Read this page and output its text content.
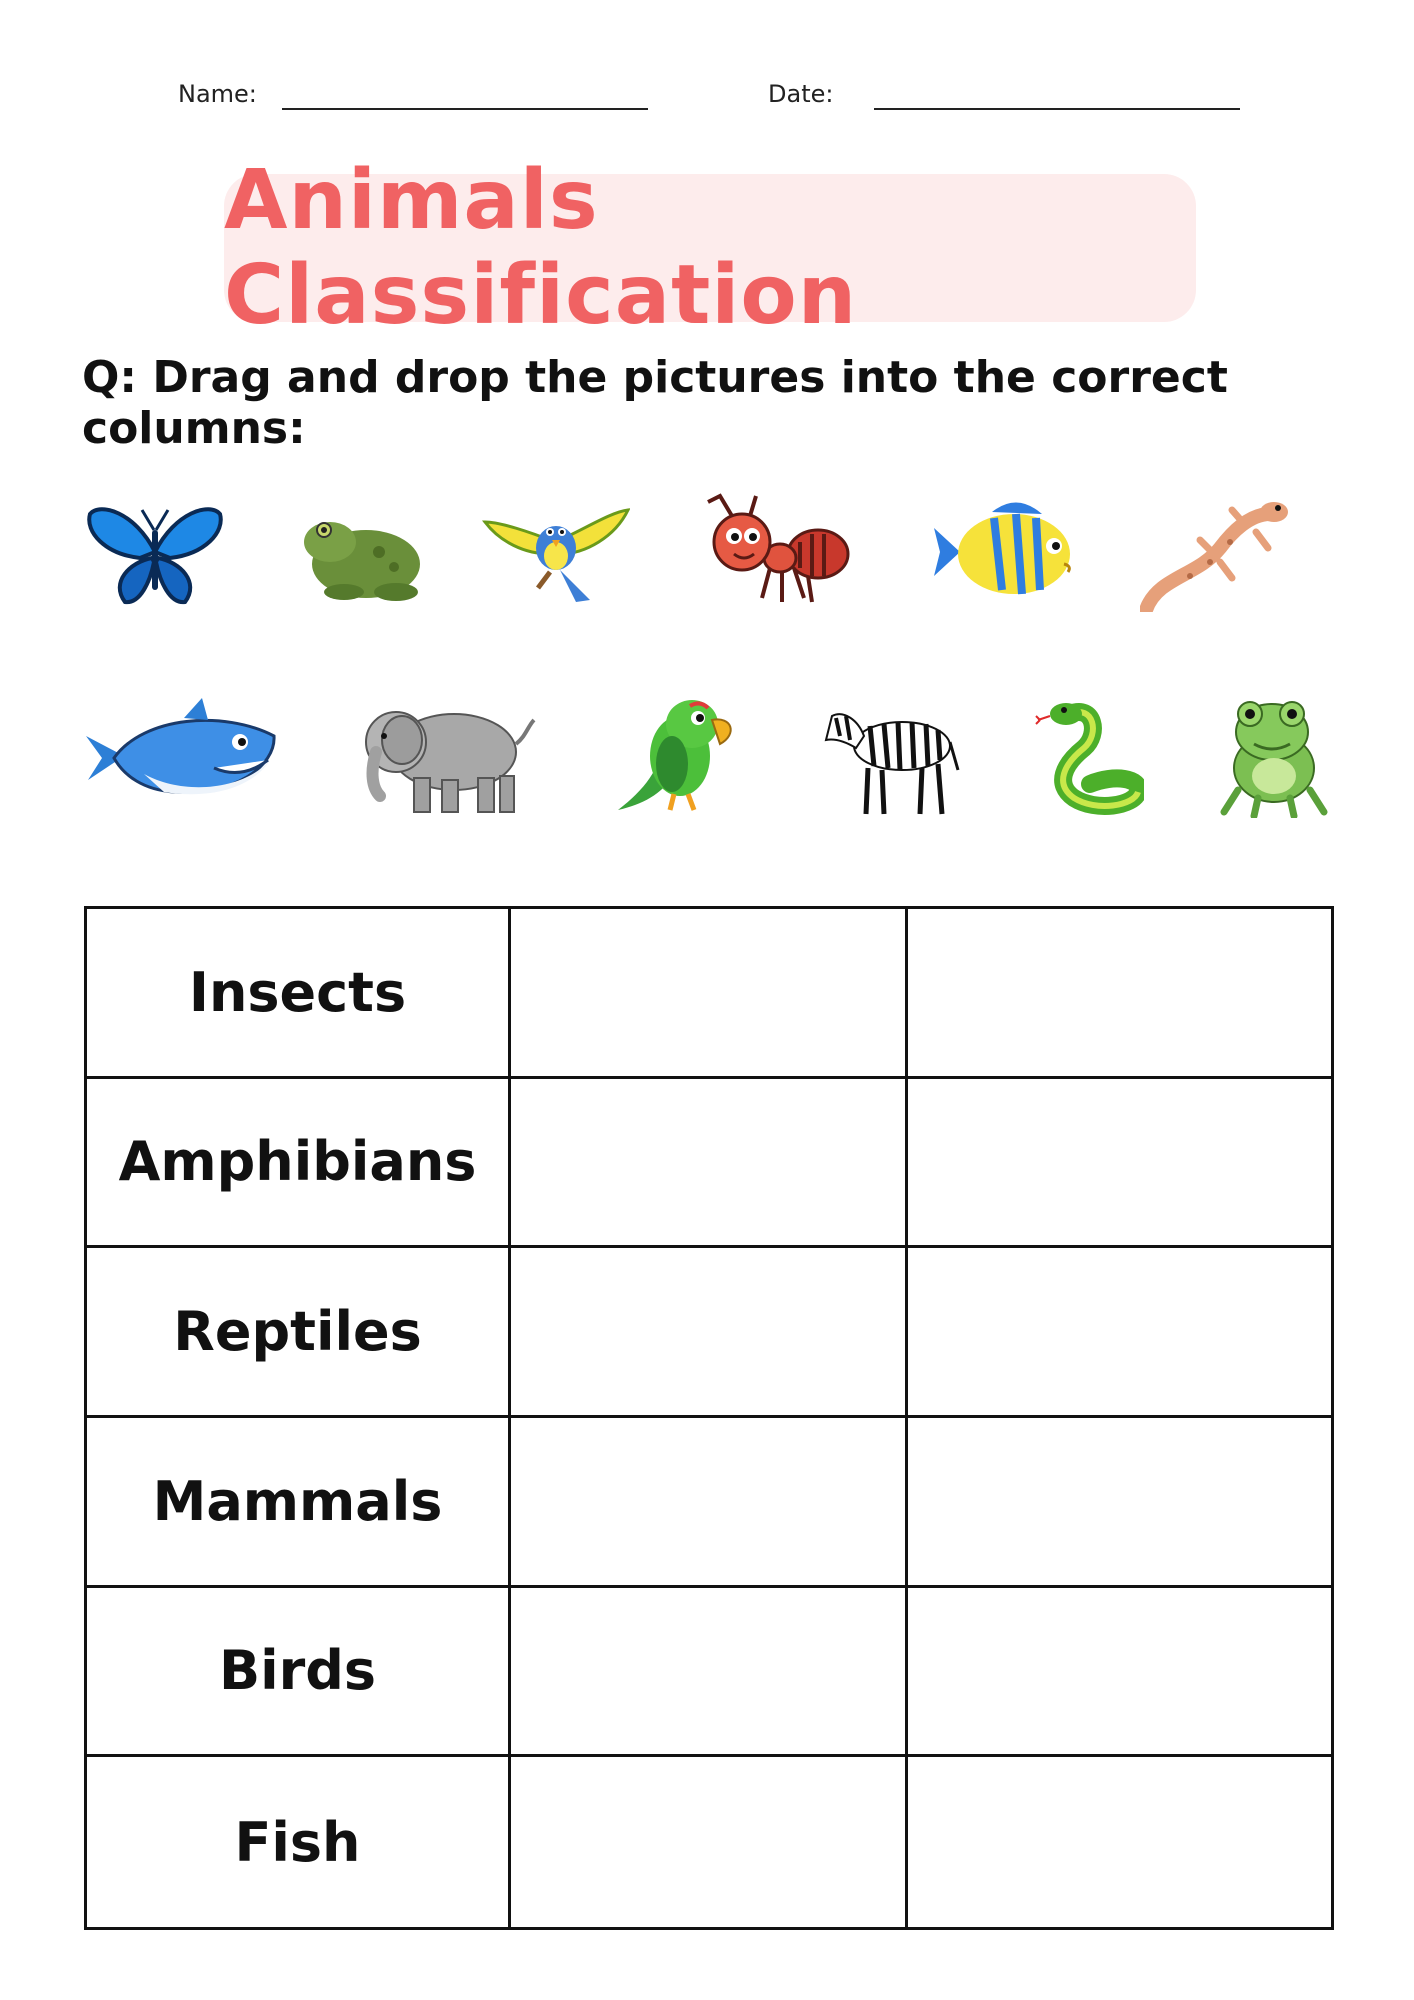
Name:	Date:
Animals Classification
Q: Drag and drop the pictures into the correct columns:
Insects
Amphibians
Reptiles
Mammals
Birds
Fish
